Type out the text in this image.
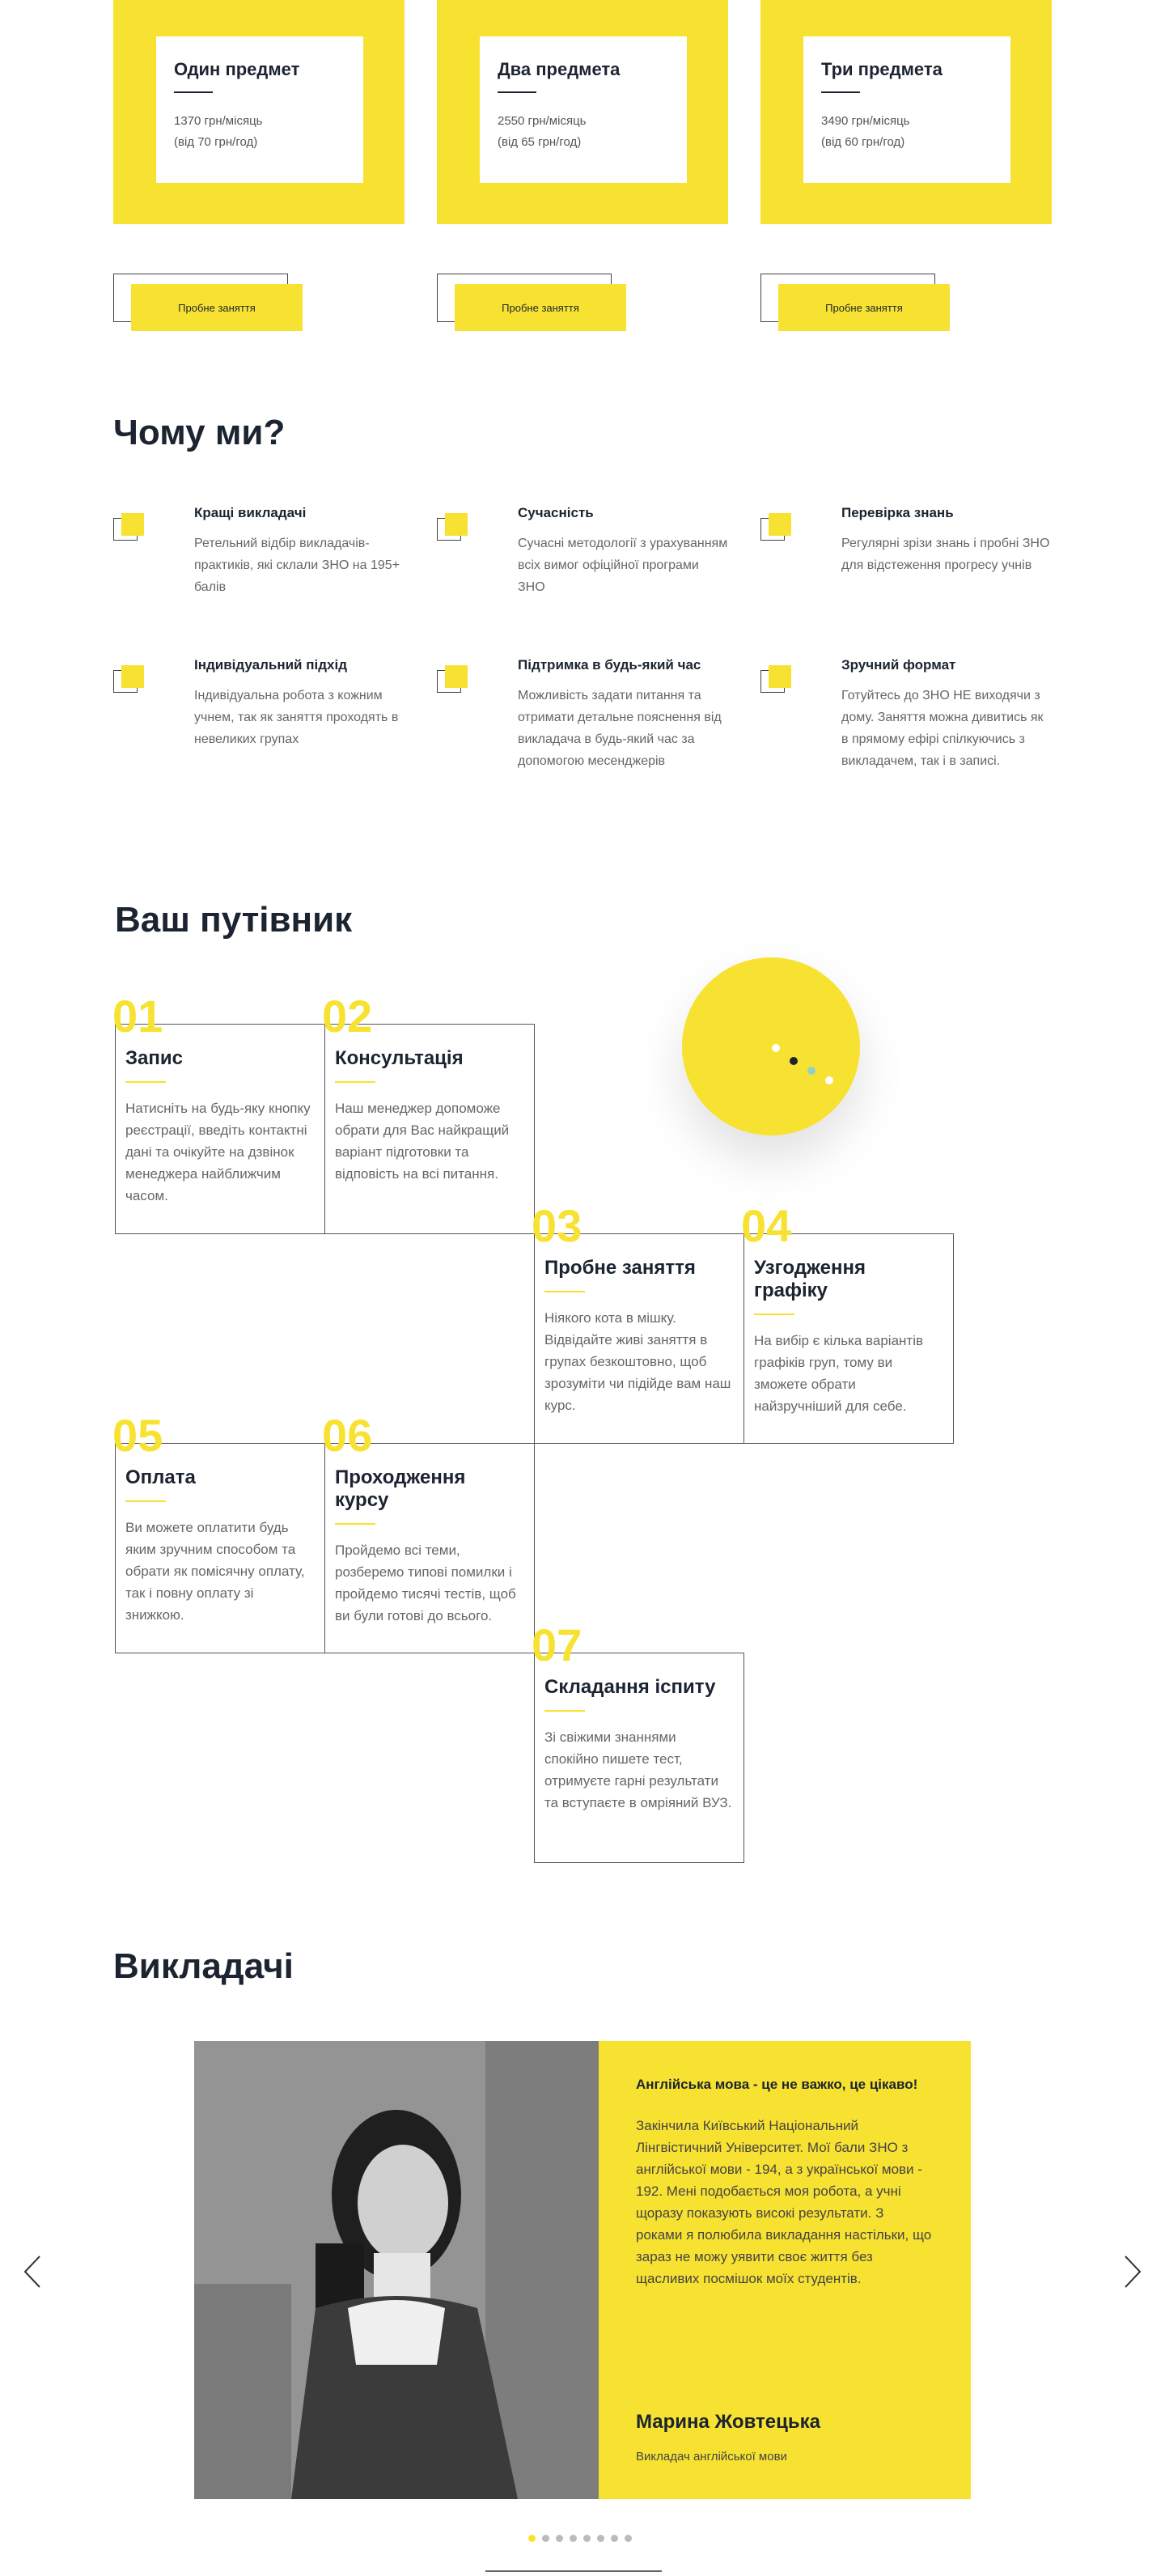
Один предмет
1370 грн/місяць
(від 70 грн/год)
Два предмета
2550 грн/місяць
(від 65 грн/год)
Три предмета
3490 грн/місяць
(від 60 грн/год)
Пробне заняття	Пробне заняття	Пробне заняття
Чому ми?
Кращі викладачі
Ретельний відбір викладачів-практиків, які склали ЗНО на 195+ балів
Сучасність
Сучасні методології з урахуванням всіх вимог офіційної програми ЗНО
Перевірка знань
Регулярні зрізи знань і пробні ЗНО для відстеження прогресу учнів
Індивідуальний підхід
Індивідуальна робота з кожним учнем, так як заняття проходять в невеликих групах
Підтримка в будь-який час
Можливість задати питання та отримати детальне пояснення від викладача в будь-який час за допомогою месенджерів
Зручний формат
Готуйтесь до ЗНО НЕ виходячи з дому. Заняття можна дивитись як в прямому ефірі спілкуючись з викладачем, так і в записі.
Ваш путівник
01
Запис
Натисніть на будь-яку кнопку реєстрації, введіть контактні дані та очікуйте на дзвінок менеджера найближчим часом.
02
Консультація
Наш менеджер допоможе обрати для Вас найкращий варіант підготовки та відповість на всі питання.
03
Пробне заняття
Ніякого кота в мішку. Відвідайте живі заняття в групах безкоштовно, щоб зрозуміти чи підійде вам наш курс.
04
Узгодження графіку
На вибір є кілька варіантів графіків груп, тому ви зможете обрати найзручніший для себе.
05
Оплата
Ви можете оплатити будь яким зручним способом та обрати як помісячну оплату, так і повну оплату зі знижкою.
06
Проходження курсу
Пройдемо всі теми, розберемо типові помилки і пройдемо тисячі тестів, щоб ви були готові до всього.
07
Складання іспиту
Зі свіжими знаннями спокійно пишете тест, отримуєте гарні результати та вступаєте в омріяний ВУЗ.
Викладачі
Англійська мова - це не важко, це цікаво!
Закінчила Київський Національний Лінгвістичний Університет. Мої бали ЗНО з англійської мови - 194, а з української мови - 192. Мені подобається моя робота, а учні щоразу показують високі результати. З роками я полюбила викладання настільки, що зараз не можу уявити своє життя без щасливих посмішок моїх студентів.
Марина Жовтецька
Викладач англійської мови
